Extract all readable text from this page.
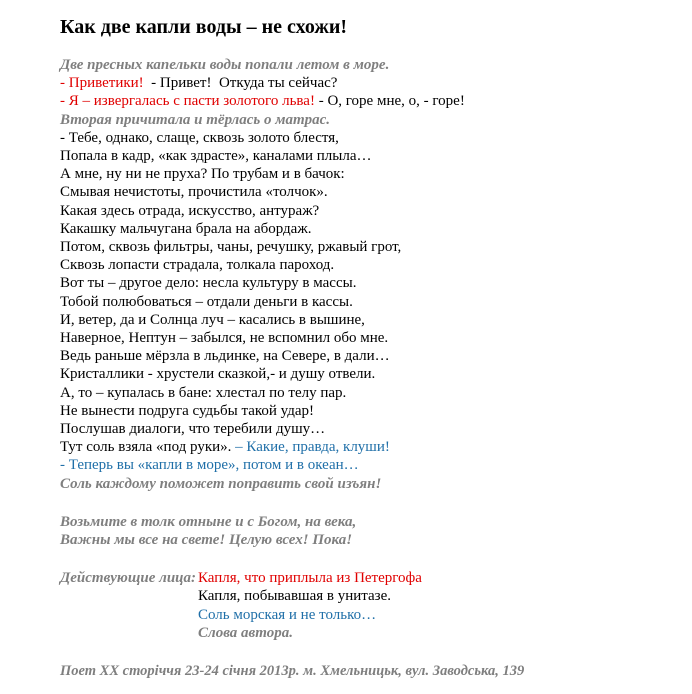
Как две капли воды – не схожи!
Две пресных капельки воды попали летом в море.
- Приветики!  - Привет!  Откуда ты сейчас?
- Я – извергалась с пасти золотого льва! - О, горе мне, о, - горе!
Вторая причитала и тёрлась о матрас.
- Тебе, однако, слаще, сквозь золото блестя,
Попала в кадр, «как здрасте», каналами плыла…
А мне, ну ни не пруха? По трубам и в бачок:
Смывая нечистоты, прочистила «толчок».
Какая здесь отрада, искусство, антураж?
Какашку мальчугана брала на абордаж.
Потом, сквозь фильтры, чаны, речушку, ржавый грот,
Сквозь лопасти страдала, толкала пароход.
Вот ты – другое дело: несла культуру в массы.
Тобой полюбоваться – отдали деньги в кассы.
И, ветер, да и Солнца луч – касались в вышине,
Наверное, Нептун – забылся, не вспомнил обо мне.
Ведь раньше мёрзла в льдинке, на Севере, в дали…
Кристаллики - хрустели сказкой,- и душу отвели.
А, то – купалась в бане: хлестал по телу пар.
Не вынести подруга судьбы такой удар!
Послушав диалоги, что теребили душу…
Тут соль взяла «под руки». – Какие, правда, клуши!
- Теперь вы «капли в море», потом и в океан…
Соль каждому поможет поправить свой изъян!
Возьмите в толк отныне и с Богом, на века,
Важны мы все на свете! Целую всех! Пока!
Действующие лица: Капля, что приплыла из Петергофа
Капля, побывавшая в унитазе.
Соль морская и не только…
Слова автора.
Поет ХХ сторіччя 23-24 січня 2013р. м. Хмельницьк, вул. Заводська, 139
